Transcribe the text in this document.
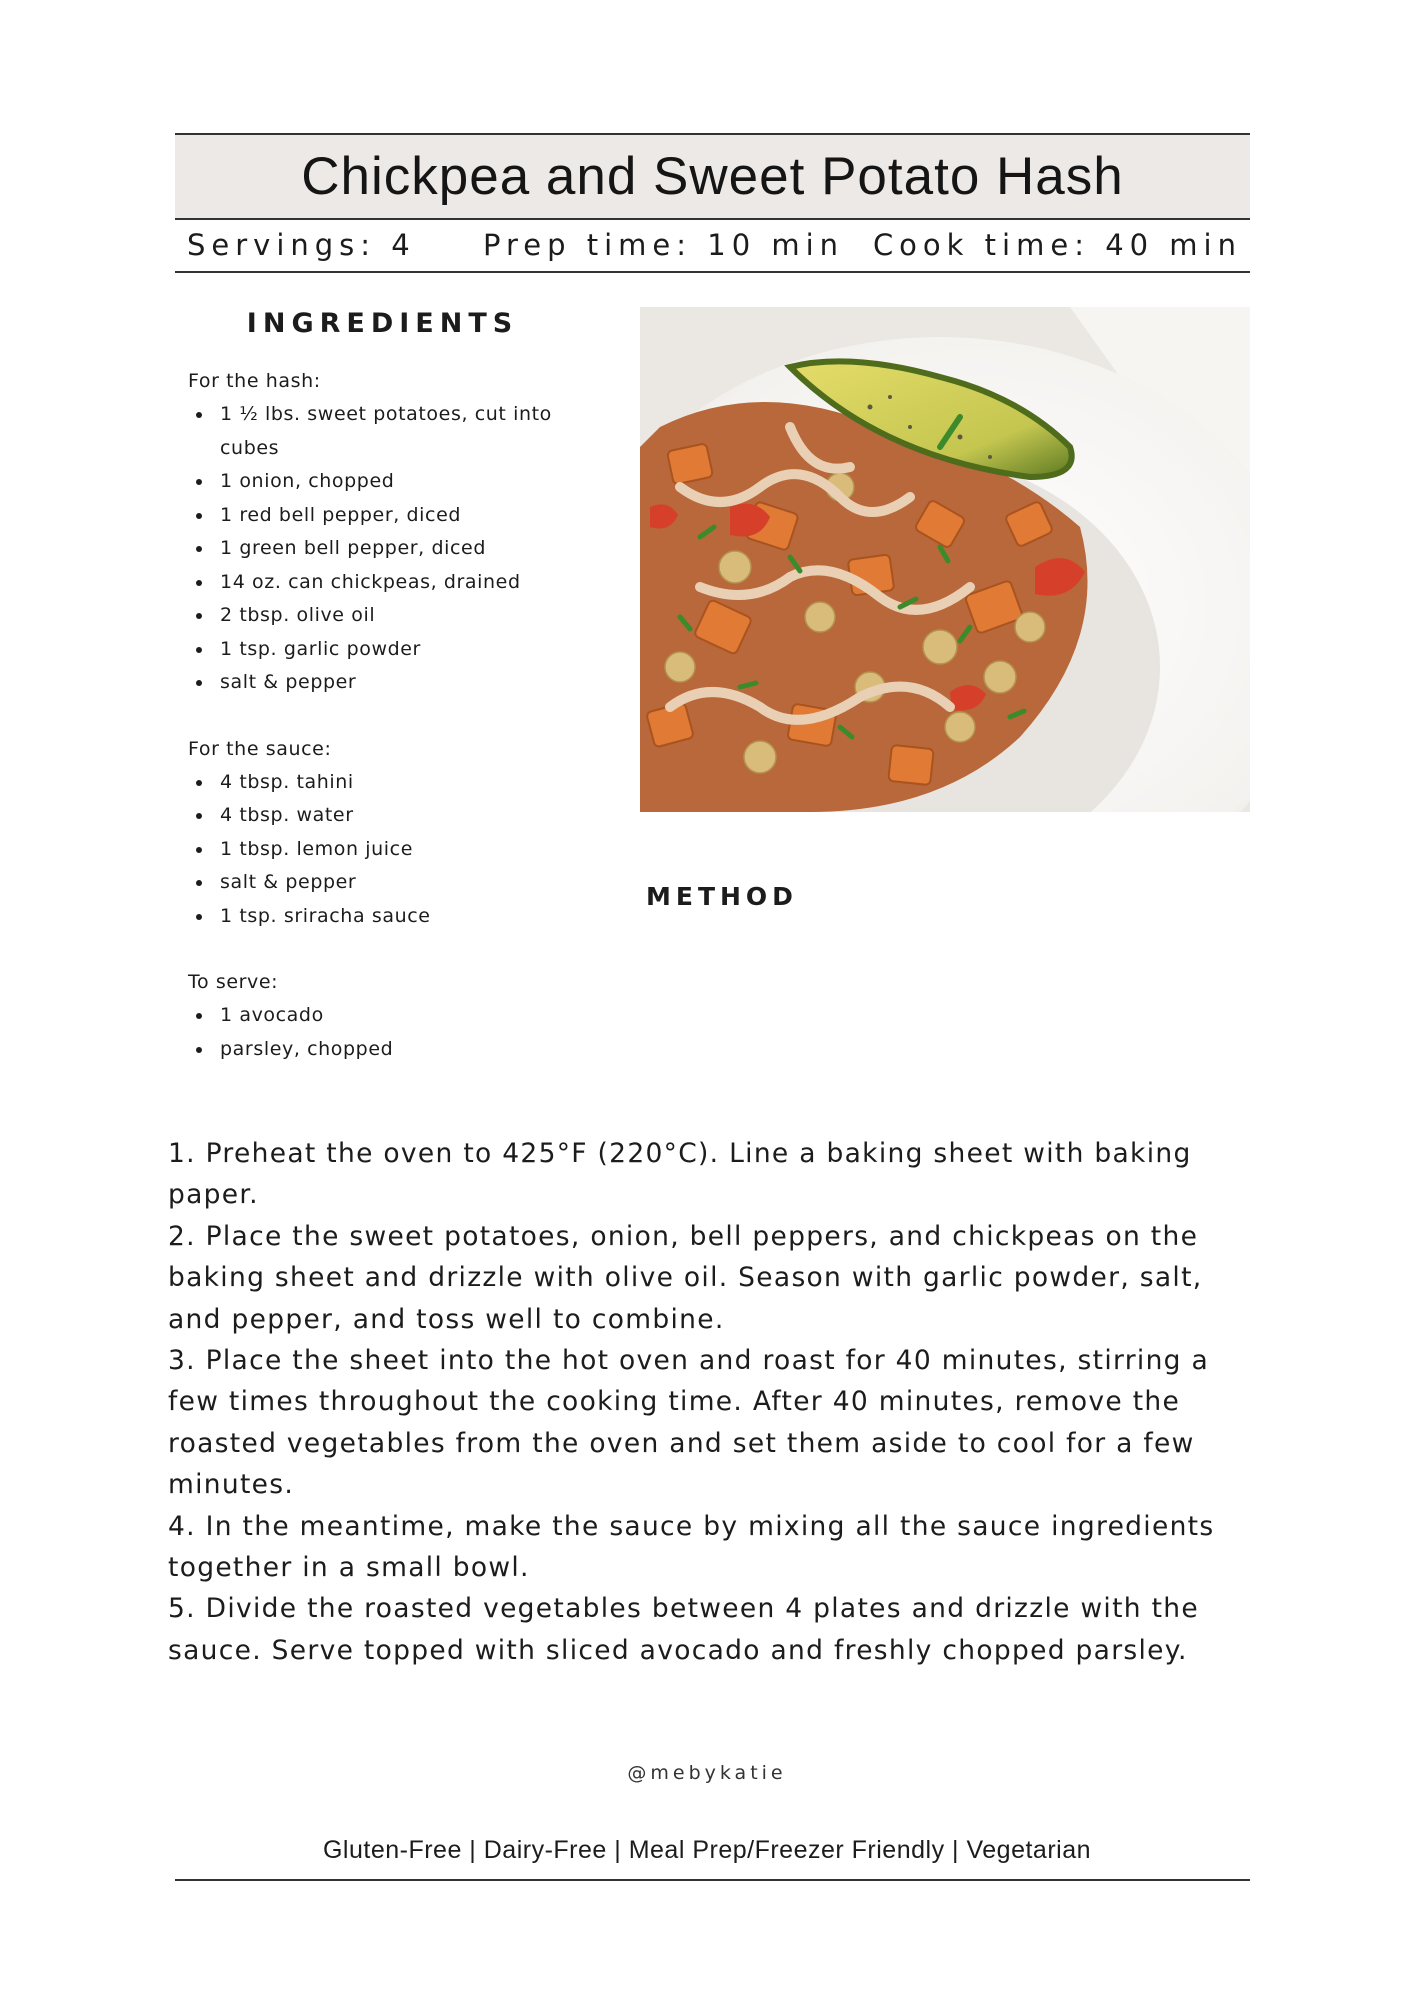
Chickpea and Sweet Potato Hash
Servings: 4 Prep time: 10 min Cook time: 40 min
INGREDIENTS
For the hash:
1 ½ lbs. sweet potatoes, cut into cubes
1 onion, chopped
1 red bell pepper, diced
1 green bell pepper, diced
14 oz. can chickpeas, drained
2 tbsp. olive oil
1 tsp. garlic powder
salt & pepper
For the sauce:
4 tbsp. tahini
4 tbsp. water
1 tbsp. lemon juice
salt & pepper
1 tsp. sriracha sauce
To serve:
1 avocado
parsley, chopped
METHOD

1. Preheat the oven to 425°F (220°C). Line a baking sheet with baking paper.

2. Place the sweet potatoes, onion, bell peppers, and chickpeas on the baking sheet and drizzle with olive oil. Season with garlic powder, salt, and pepper, and toss well to combine.

3. Place the sheet into the hot oven and roast for 40 minutes, stirring a few times throughout the cooking time. After 40 minutes, remove the roasted vegetables from the oven and set them aside to cool for a few minutes.

4. In the meantime, make the sauce by mixing all the sauce ingredients together in a small bowl.

5. Divide the roasted vegetables between 4 plates and drizzle with the sauce. Serve topped with sliced avocado and freshly chopped parsley.

@mebykatie
Gluten-Free | Dairy-Free | Meal Prep/Freezer Friendly | Vegetarian
